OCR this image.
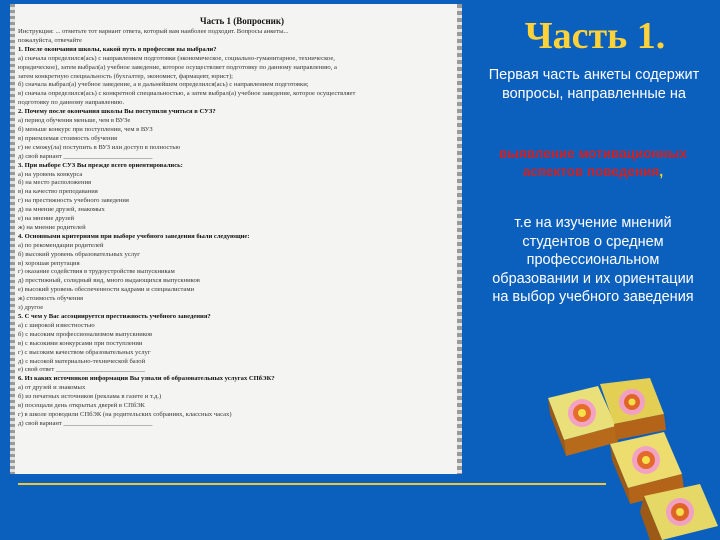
Часть 1 (Вопросник)
Инструкция: ... отметьте тот вариант ответа, который вам наиболее подходит. Вопросы анкеты...
пожалуйста, отвечайте
1. После окончания школы, какой путь в профессии вы выбрали?
а) сначала определился(ась) с направлением подготовки (экономическое, социально-гуманитарное, техническое,
юридическое), затем выбрал(а) учебное заведение, которое осуществляет подготовку по данному направлению, а
затем конкретную специальность (бухгалтер, экономист, фармацевт, юрист);
б) сначала выбрал(а) учебное заведение, а в дальнейшем определился(ась) с направлением подготовки;
в) сначала определился(ась) с конкретной специальностью, а затем выбрал(а) учебное заведение, которое осуществляет
подготовку по данному направлению.
2. Почему после окончания школы Вы поступили учиться в СУЗ?
а) период обучения меньше, чем в ВУЗе
б) меньше конкурс при поступлении, чем в ВУЗ
в) приемлемая стоимость обучения
г) не сможу(ла) поступить в ВУЗ или доступ в полностью
д) свой вариант ___________________________
3. При выборе СУЗ Вы прежде всего ориентировались:
а) на уровень конкурса
б) на место расположения
в) на качество преподавания
г) на престижность учебного заведения
д) на мнение друзей, знакомых
е) на мнение друзей
ж) на мнение родителей
4. Основными критериями при выборе учебного заведения были следующие:
а) по рекомендации родителей
б) высокий уровень образовательных услуг
в) хорошая репутация
г) оказание содействия в трудоустройстве выпускникам
д) престижный, солидный вид, много выдающихся выпускников
е) высокий уровень обеспеченности кадрами и специалистами
ж) стоимость обучения
з) другое
5. С чем у Вас ассоциируется престижность учебного заведения?
а) с широкой известностью
б) с высоким профессионализмом выпускников
в) с высокими конкурсами при поступлении
г) с высоким качеством образовательных услуг
д) с высокой материально-технической базой
е) свой ответ ___________________________
6. Из каких источников информации Вы узнали об образовательных услугах СПбЭК?
а) от друзей и знакомых
б) из печатных источников (реклама в газете и т.д.)
в) посещали день открытых дверей в СПбЭК
г) в школе проводили СПбЭК (на родительских собраниях, классных часах)
д) свой вариант ___________________________
Часть 1.
Первая часть анкеты содержит вопросы, направленные на
выявление мотивационных аспектов поведения,
т.е на изучение мнений студентов о среднем профессиональном образовании и их ориентации на выбор учебного заведения
